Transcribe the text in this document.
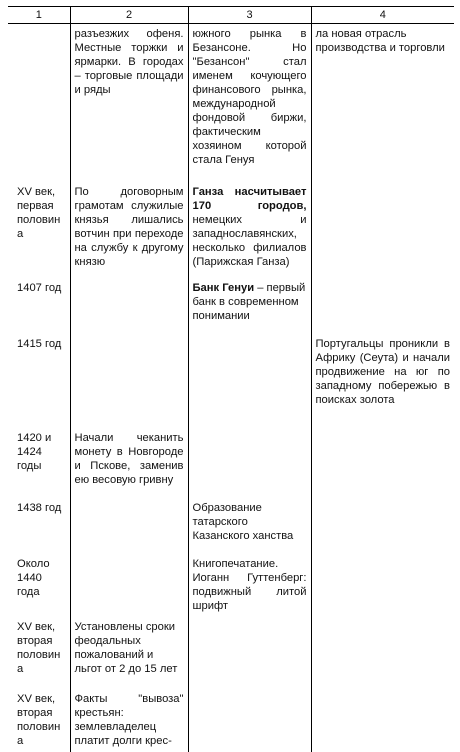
1	2	3	4
	разъезжих офеня. Местные торжки и ярмарки. В городах – торговые площади и ряды	южного рынка в Безансоне. Но "Безансон" стал именем кочующего финансового рынка, международной фондовой биржи, фактическим хозяином которой стала Генуя	ла новая отрасль производства и торговли
XV век, первая половина	По договорным грамотам служилые князья лишались вотчин при переходе на службу к другому князю	Ганза насчитывает 170 городов, немецких и западнославянских, несколько филиалов (Парижская Ганза)	
1407 год		Банк Генуи – первый банк в современном понимании	
1415 год			Португальцы проникли в Африку (Сеута) и начали продвижение на юг по западному побережью в поисках золота
1420 и 1424 годы	Начали чеканить монету в Новгороде и Пскове, заменив ею весовую гривну		
1438 год		Образование татарского Казанского ханства	
Около 1440 года		Книгопечатание. Иоганн Гуттенберг: подвижный литой шрифт	
XV век, вторая половина	Установлены сроки феодальных пожалований и льгот от 2 до 15 лет		
XV век, вторая половина	Факты "вывоза" крестьян: землевладелец платит долги крес-		
